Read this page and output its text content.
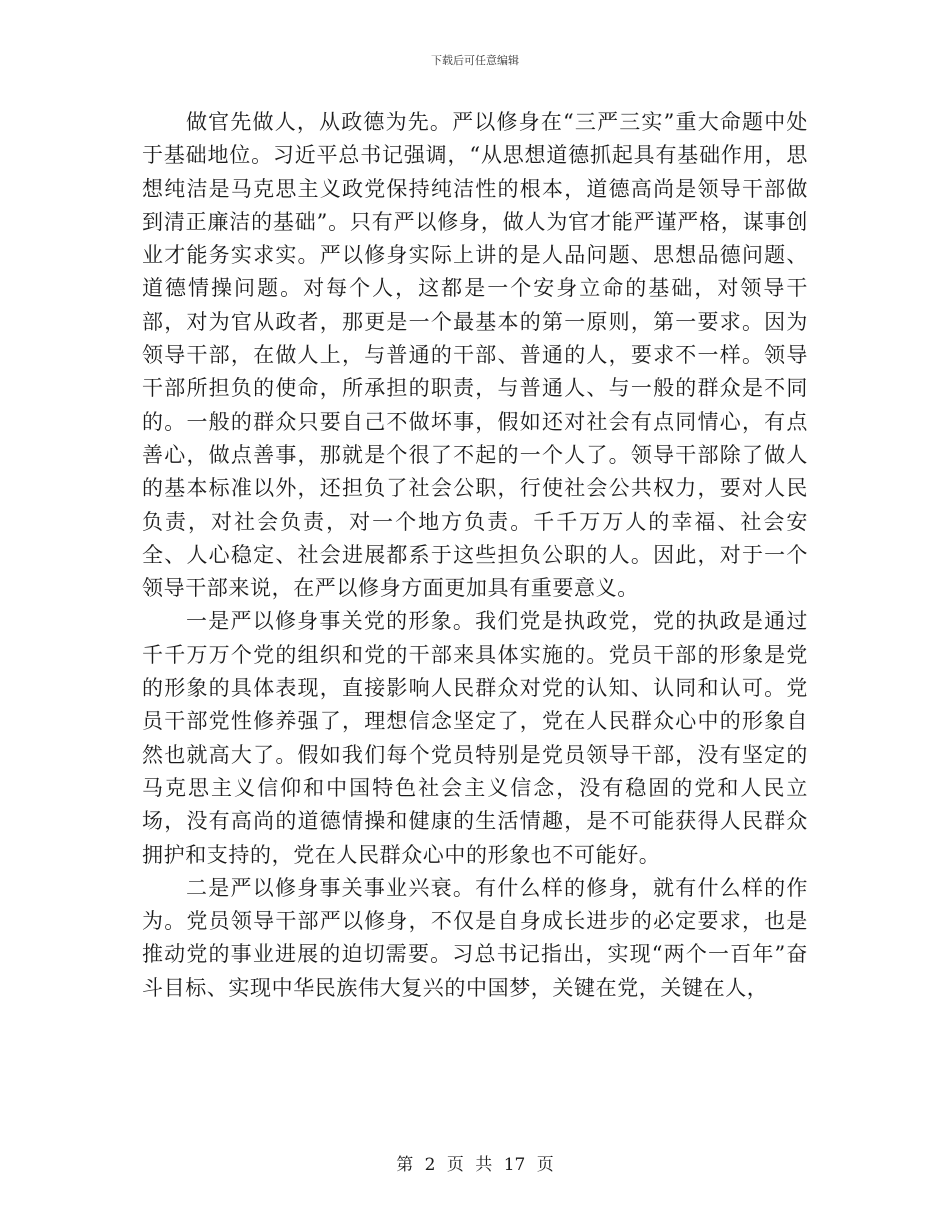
下载后可任意编辑

做官先做人，从政德为先。严以修身在“三严三实”重大命题中处于基础地位。习近平总书记强调，“从思想道德抓起具有基础作用，思想纯洁是马克思主义政党保持纯洁性的根本，道德高尚是领导干部做到清正廉洁的基础”。只有严以修身，做人为官才能严谨严格，谋事创业才能务实求实。严以修身实际上讲的是人品问题、思想品德问题、道德情操问题。对每个人，这都是一个安身立命的基础，对领导干部，对为官从政者，那更是一个最基本的第一原则，第一要求。因为领导干部，在做人上，与普通的干部、普通的人，要求不一样。领导干部所担负的使命，所承担的职责，与普通人、与一般的群众是不同的。一般的群众只要自己不做坏事，假如还对社会有点同情心，有点善心，做点善事，那就是个很了不起的一个人了。领导干部除了做人的基本标准以外，还担负了社会公职，行使社会公共权力，要对人民负责，对社会负责，对一个地方负责。千千万万人的幸福、社会安全、人心稳定、社会进展都系于这些担负公职的人。因此，对于一个领导干部来说，在严以修身方面更加具有重要意义。

一是严以修身事关党的形象。我们党是执政党，党的执政是通过千千万万个党的组织和党的干部来具体实施的。党员干部的形象是党的形象的具体表现，直接影响人民群众对党的认知、认同和认可。党员干部党性修养强了，理想信念坚定了，党在人民群众心中的形象自然也就高大了。假如我们每个党员特别是党员领导干部，没有坚定的马克思主义信仰和中国特色社会主义信念，没有稳固的党和人民立场，没有高尚的道德情操和健康的生活情趣，是不可能获得人民群众拥护和支持的，党在人民群众心中的形象也不可能好。

二是严以修身事关事业兴衰。有什么样的修身，就有什么样的作为。党员领导干部严以修身，不仅是自身成长进步的必定要求，也是推动党的事业进展的迫切需要。习总书记指出，实现“两个一百年”奋斗目标、实现中华民族伟大复兴的中国梦，关键在党，关键在人，

第 2 页 共 17 页
